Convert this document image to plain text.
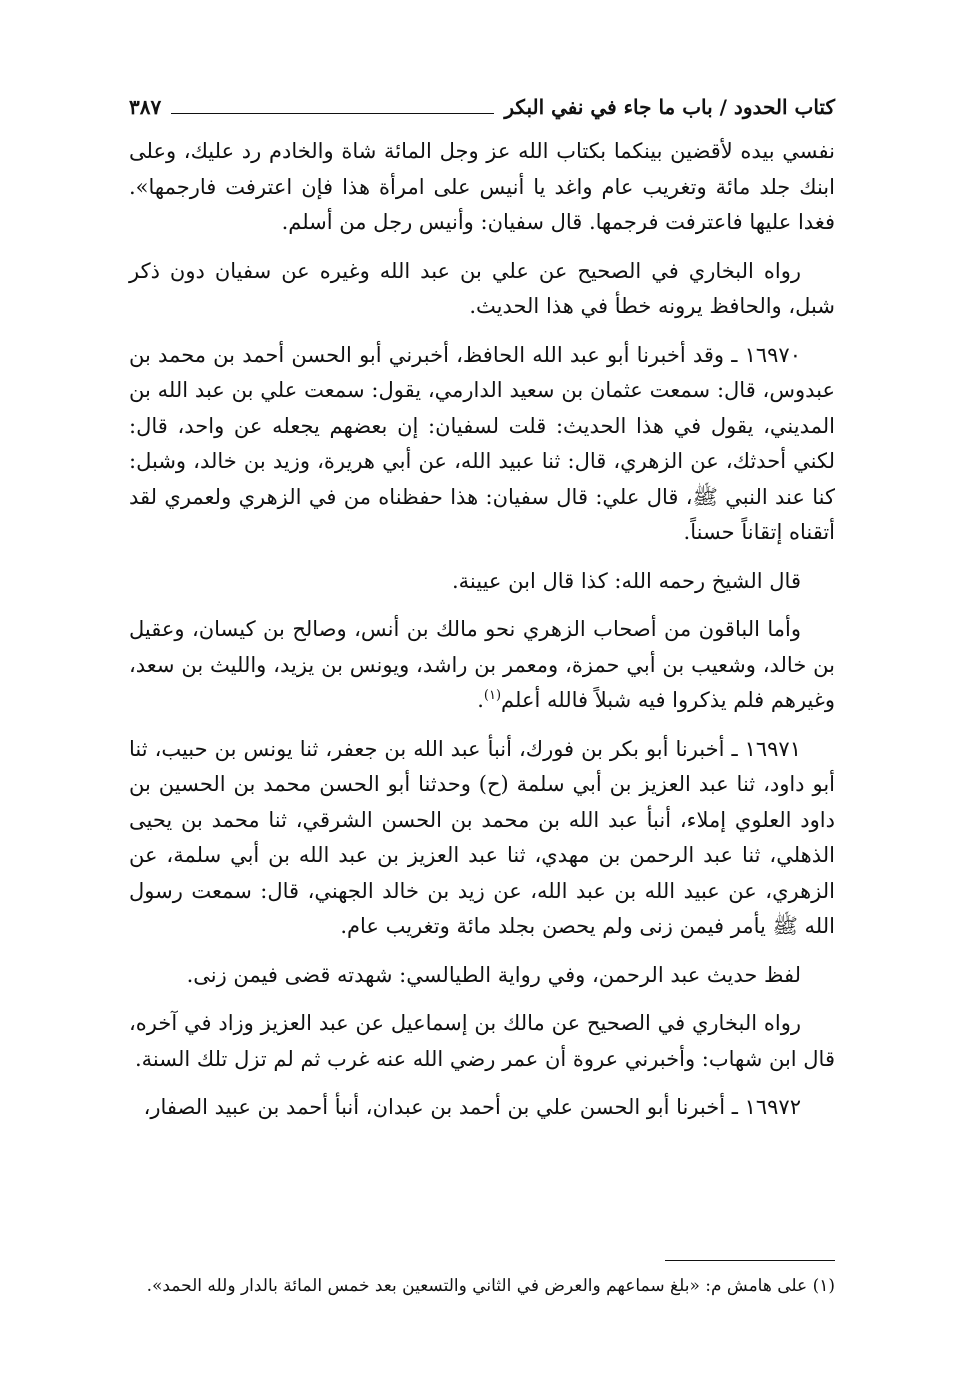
كتاب الحدود / باب ما جاء في نفي البكر
٣٨٧

نفسي بيده لأقضين بينكما بكتاب الله عز وجل المائة شاة والخادم رد عليك، وعلى ابنك جلد مائة وتغريب عام واغد يا أنيس على امرأة هذا فإن اعترفت فارجمها». فغدا عليها فاعترفت فرجمها. قال سفيان: وأنيس رجل من أسلم.

رواه البخاري في الصحيح عن علي بن عبد الله وغيره عن سفيان دون ذكر شبل، والحافظ يرونه خطأ في هذا الحديث.

١٦٩٧٠ ـ وقد أخبرنا أبو عبد الله الحافظ، أخبرني أبو الحسن أحمد بن محمد بن عبدوس، قال: سمعت عثمان بن سعيد الدارمي، يقول: سمعت علي بن عبد الله بن المديني، يقول في هذا الحديث: قلت لسفيان: إن بعضهم يجعله عن واحد، قال: لكني أحدثك، عن الزهري، قال: ثنا عبيد الله، عن أبي هريرة، وزيد بن خالد، وشبل: كنا عند النبي ﷺ، قال علي: قال سفيان: هذا حفظناه من في الزهري ولعمري لقد أتقناه إتقاناً حسناً.

قال الشيخ رحمه الله: كذا قال ابن عيينة.

وأما الباقون من أصحاب الزهري نحو مالك بن أنس، وصالح بن كيسان، وعقيل بن خالد، وشعيب بن أبي حمزة، ومعمر بن راشد، ويونس بن يزيد، والليث بن سعد، وغيرهم فلم يذكروا فيه شبلاً فالله أعلم$^{(١)}$.

١٦٩٧١ ـ أخبرنا أبو بكر بن فورك، أنبأ عبد الله بن جعفر، ثنا يونس بن حبيب، ثنا أبو داود، ثنا عبد العزيز بن أبي سلمة (ح) وحدثنا أبو الحسن محمد بن الحسين بن داود العلوي إملاء، أنبأ عبد الله بن محمد بن الحسن الشرقي، ثنا محمد بن يحيى الذهلي، ثنا عبد الرحمن بن مهدي، ثنا عبد العزيز بن عبد الله بن أبي سلمة، عن الزهري، عن عبيد الله بن عبد الله، عن زيد بن خالد الجهني، قال: سمعت رسول الله ﷺ يأمر فيمن زنى ولم يحصن بجلد مائة وتغريب عام.

لفظ حديث عبد الرحمن، وفي رواية الطيالسي: شهدته قضى فيمن زنى.

رواه البخاري في الصحيح عن مالك بن إسماعيل عن عبد العزيز وزاد في آخره، قال ابن شهاب: وأخبرني عروة أن عمر رضي الله عنه غرب ثم لم تزل تلك السنة.

١٦٩٧٢ ـ أخبرنا أبو الحسن علي بن أحمد بن عبدان، أنبأ أحمد بن عبيد الصفار،

(١) على هامش م: «بلغ سماعهم والعرض في الثاني والتسعين بعد خمس المائة بالدار ولله الحمد».
